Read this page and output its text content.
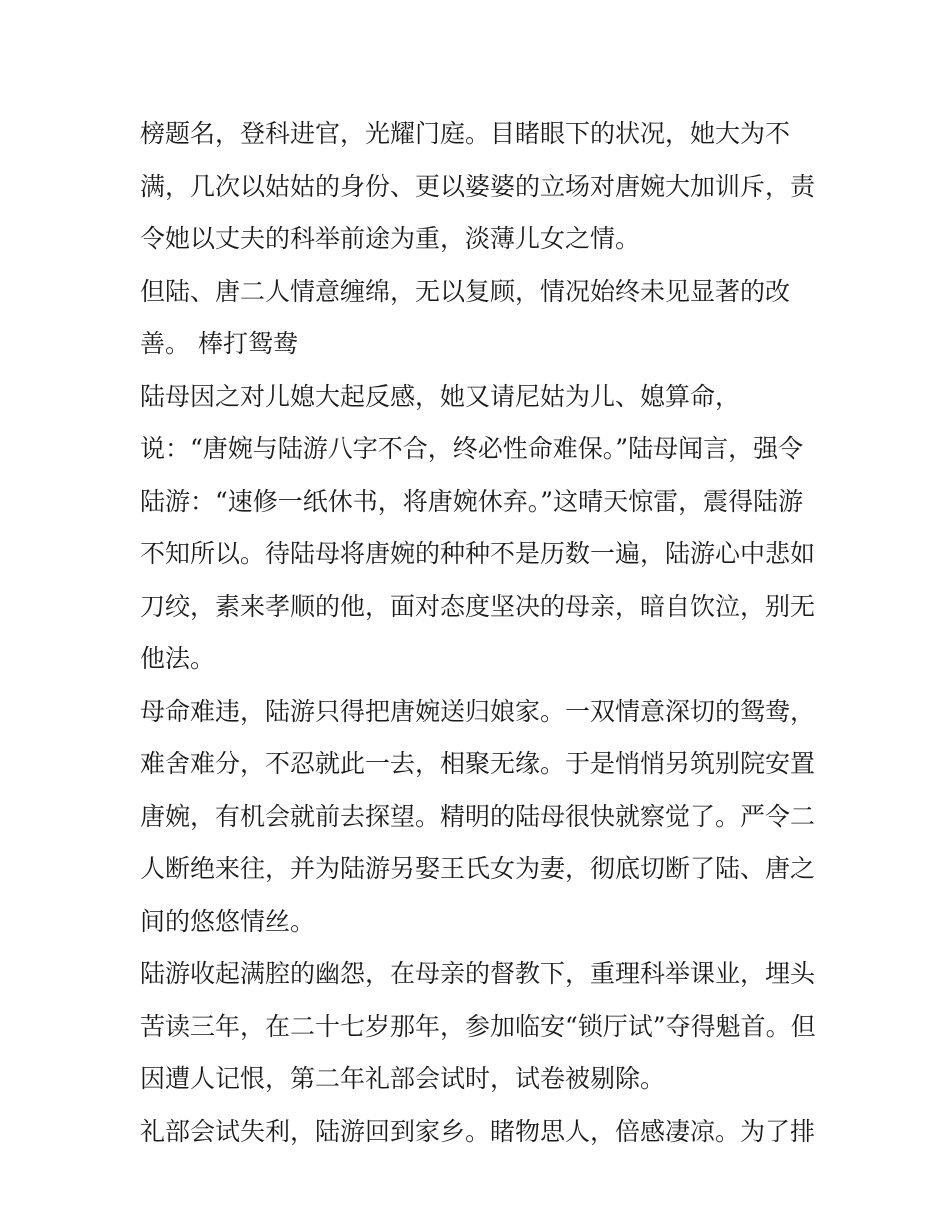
榜题名，登科进官，光耀门庭。目睹眼下的状况，她大为不
满，几次以姑姑的身份、更以婆婆的立场对唐婉大加训斥，责
令她以丈夫的科举前途为重，淡薄儿女之情。
但陆、唐二人情意缠绵，无以复顾，情况始终未见显著的改
善。 棒打鸳鸯
陆母因之对儿媳大起反感，她又请尼姑为儿、媳算命，
说：“唐婉与陆游八字不合，终必性命难保。”陆母闻言，强令
陆游：“速修一纸休书，将唐婉休弃。”这晴天惊雷，震得陆游
不知所以。待陆母将唐婉的种种不是历数一遍，陆游心中悲如
刀绞，素来孝顺的他，面对态度坚决的母亲，暗自饮泣，别无
他法。
母命难违，陆游只得把唐婉送归娘家。一双情意深切的鸳鸯，
难舍难分，不忍就此一去，相聚无缘。于是悄悄另筑别院安置
唐婉，有机会就前去探望。精明的陆母很快就察觉了。严令二
人断绝来往，并为陆游另娶王氏女为妻，彻底切断了陆、唐之
间的悠悠情丝。
陆游收起满腔的幽怨，在母亲的督教下，重理科举课业，埋头
苦读三年，在二十七岁那年，参加临安“锁厅试”夺得魁首。但
因遭人记恨，第二年礼部会试时，试卷被剔除。
礼部会试失利，陆游回到家乡。睹物思人，倍感凄凉。为了排
